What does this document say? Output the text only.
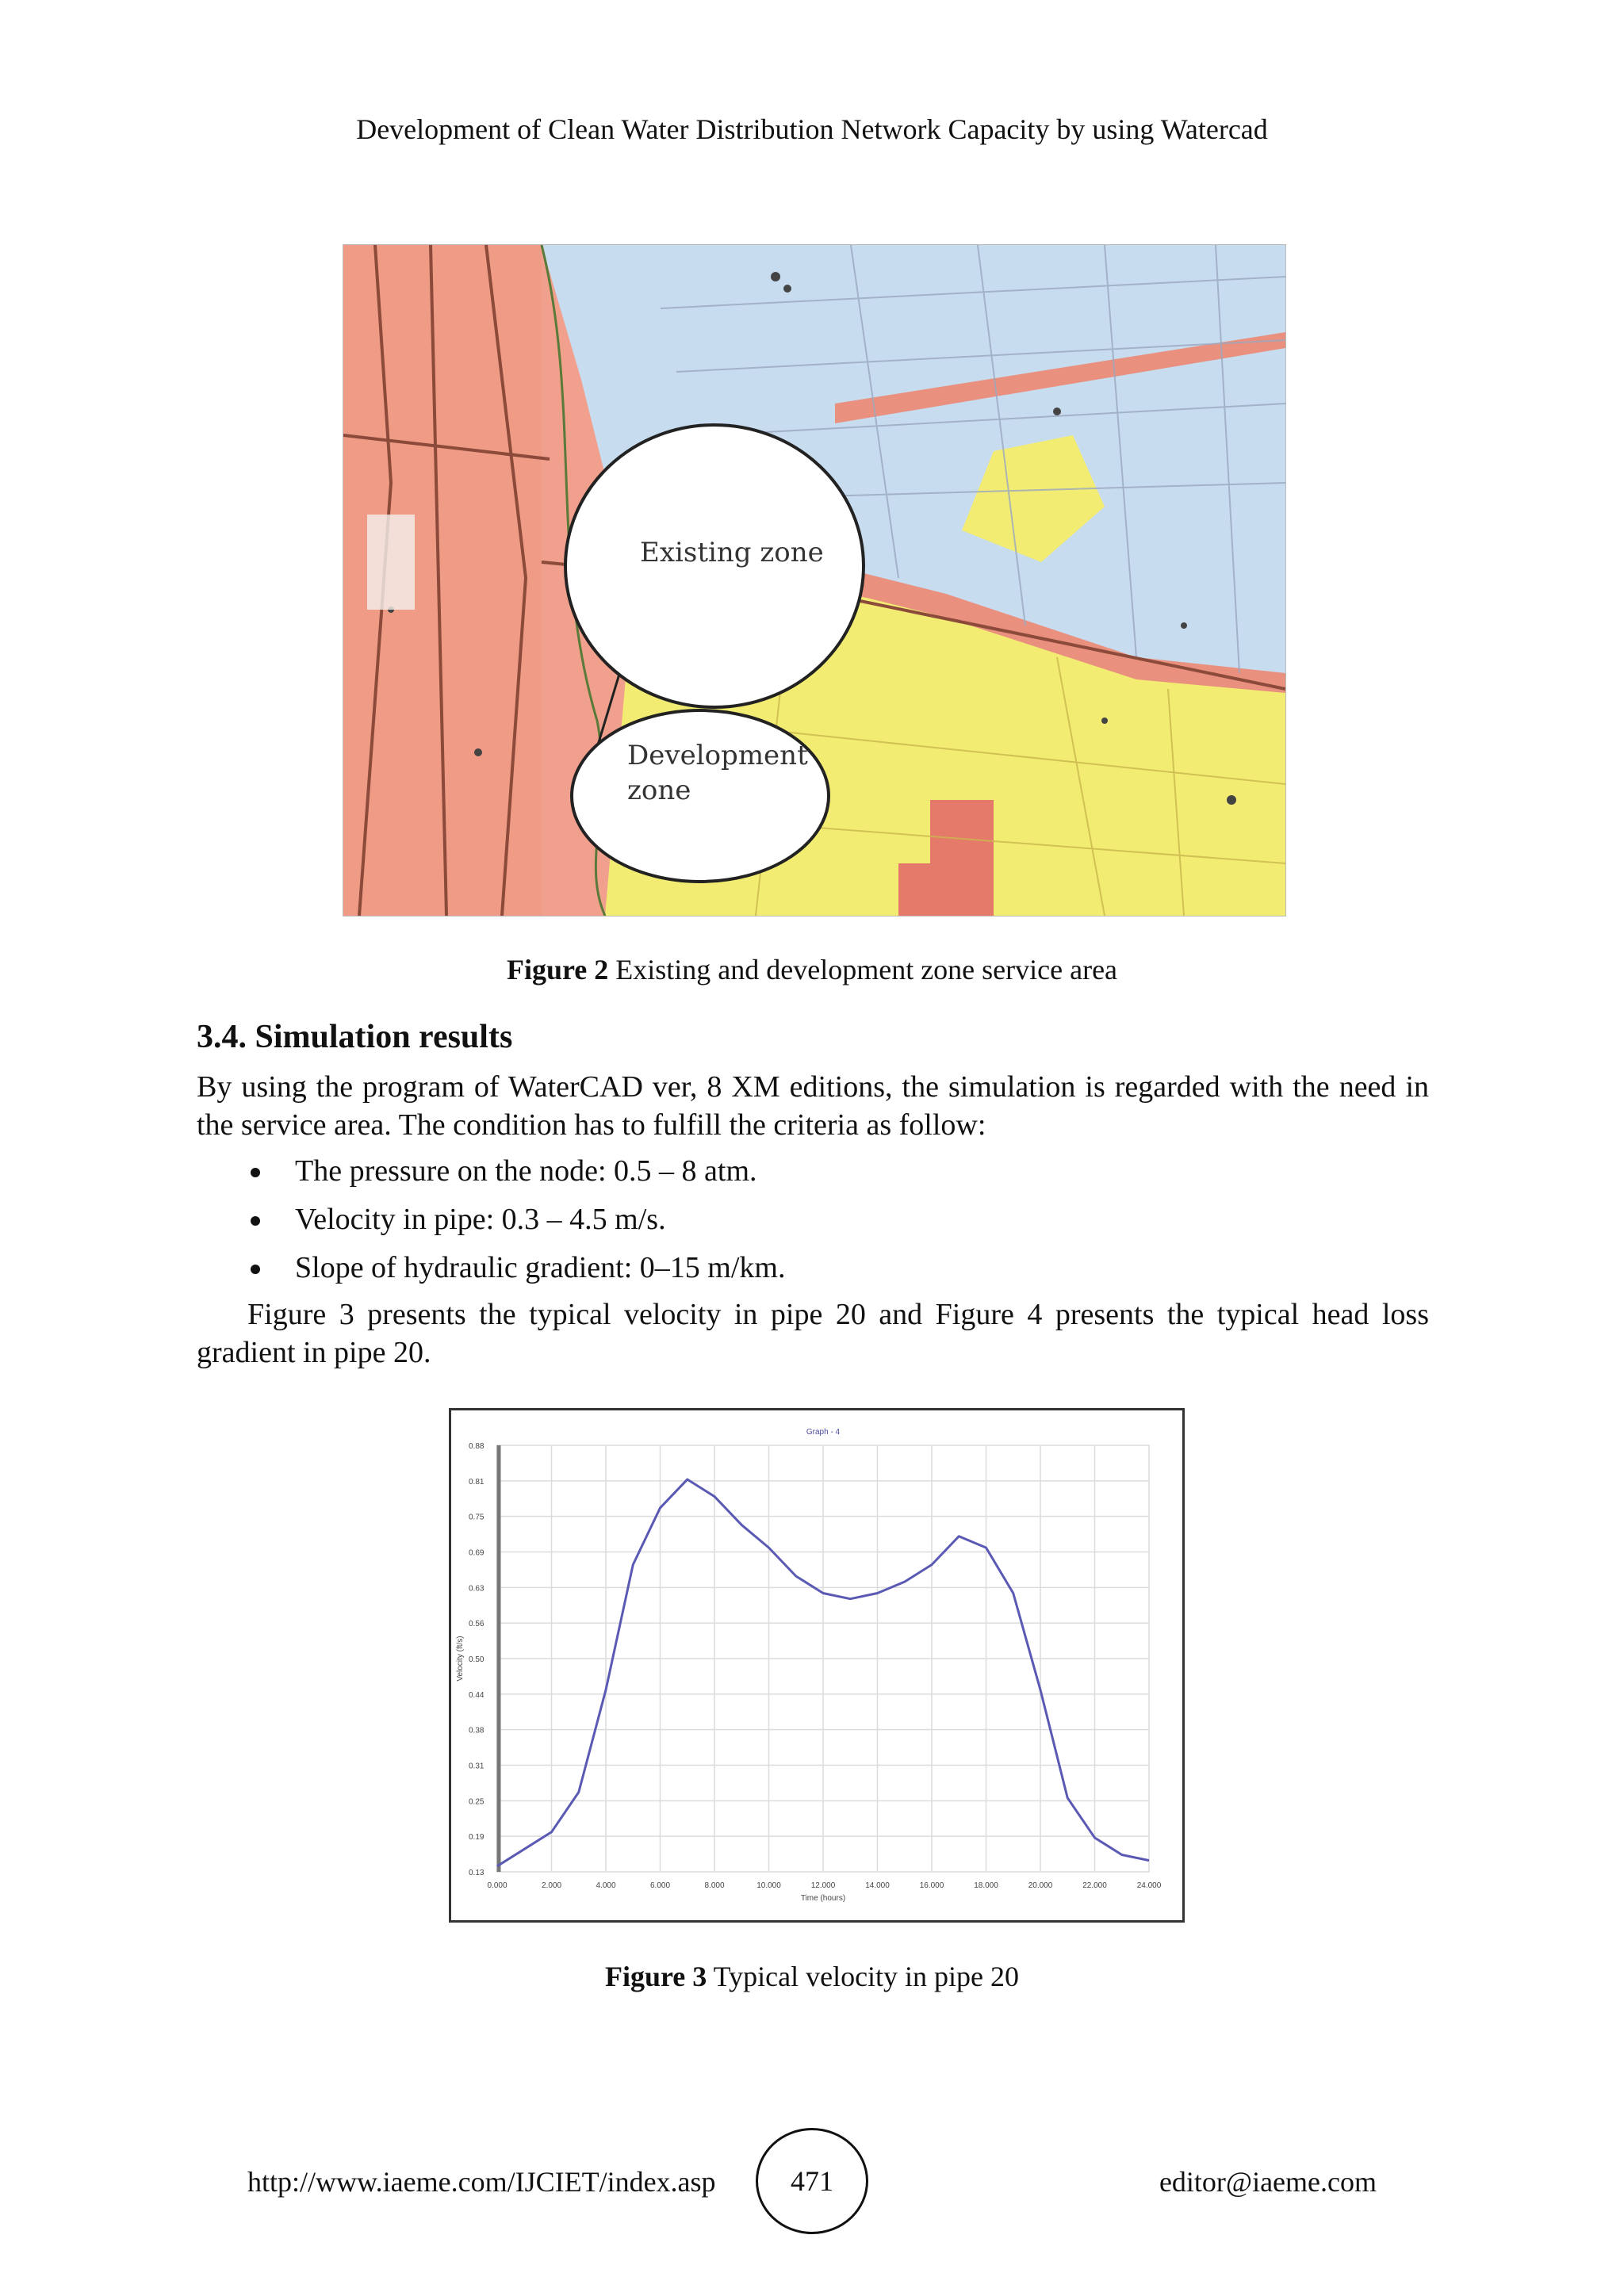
Development of Clean Water Distribution Network Capacity by using Watercad
Existing zone
Development
zone
Figure 2 Existing and development zone service area
3.4. Simulation results
By using the program of WaterCAD ver, 8 XM editions, the simulation is regarded with the need in the service area. The condition has to fulfill the criteria as follow:
The pressure on the node: 0.5 – 8 atm.
Velocity in pipe: 0.3 – 4.5 m/s.
Slope of hydraulic gradient: 0–15 m/km.
Figure 3 presents the typical velocity in pipe 20 and Figure 4 presents the typical head loss gradient in pipe 20.
0.000	2.000	4.000	6.000	8.000	10.000	12.000	14.000	16.000	18.000	20.000	22.000	24.000
0.88
0.81
0.75
0.69
0.63
0.56
0.50
0.44
0.38
0.31
0.25
0.19
0.13
Graph - 4
Time (hours)
Velocity (ft/s)
Figure 3 Typical velocity in pipe 20
http://www.iaeme.com/IJCIET/index.asp	471	editor@iaeme.com
